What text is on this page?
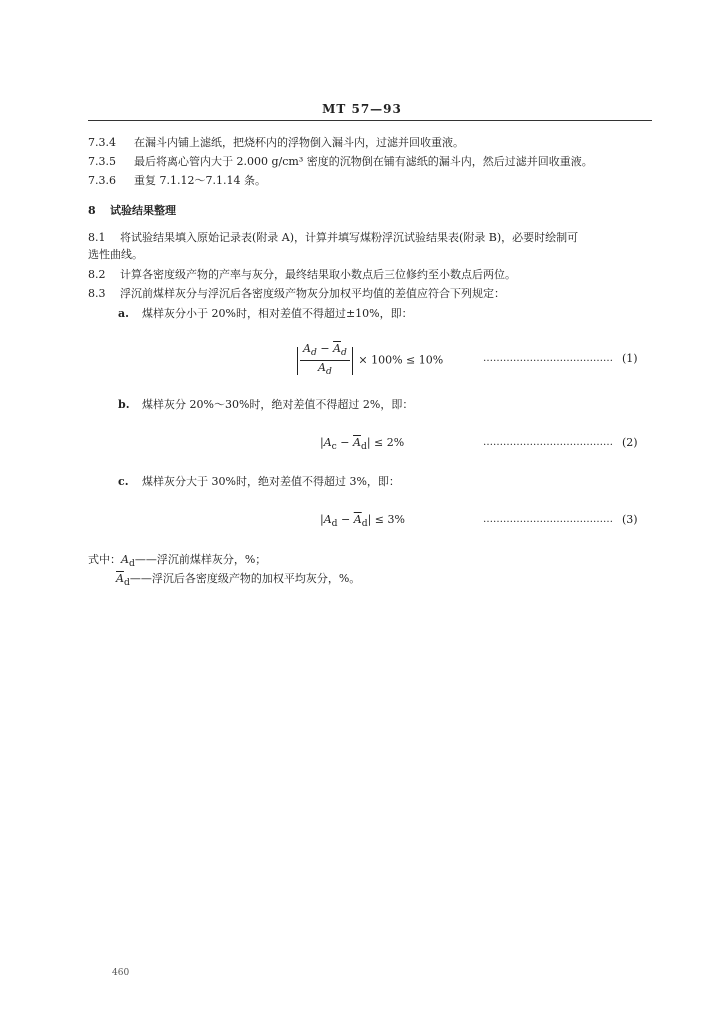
MT 57—93
7.3.4 在漏斗内铺上滤纸，把烧杯内的浮物倒入漏斗内，过滤并回收重液。
7.3.5 最后将离心管内大于 2.000 g/cm³ 密度的沉物倒在铺有滤纸的漏斗内，然后过滤并回收重液。
7.3.6 重复 7.1.12～7.1.14 条。
8 试验结果整理
8.1 将试验结果填入原始记录表(附录 A)，计算并填写煤粉浮沉试验结果表(附录 B)，必要时绘制可
选性曲线。
8.2 计算各密度级产物的产率与灰分，最终结果取小数点后三位修约至小数点后两位。
8.3 浮沉前煤样灰分与浮沉后各密度级产物灰分加权平均值的差值应符合下列规定：
a. 煤样灰分小于 20%时，相对差值不得超过±10%，即：
$\frac{A_d - \overline{A}_d}{A_d} \times 100\% \le 10\%$	………………………………… (1)
b. 煤样灰分 20%～30%时，绝对差值不得超过 2%，即：
$|A_c - \overline{A}_d| \le 2\%$	………………………………… (2)
c. 煤样灰分大于 30%时，绝对差值不得超过 3%，即：
$|A_d - \overline{A}_d| \le 3\%$	………………………………… (3)
式中：$A_d——$浮沉前煤样灰分，%；
$\overline{A}_d——$浮沉后各密度级产物的加权平均灰分，%。
460
